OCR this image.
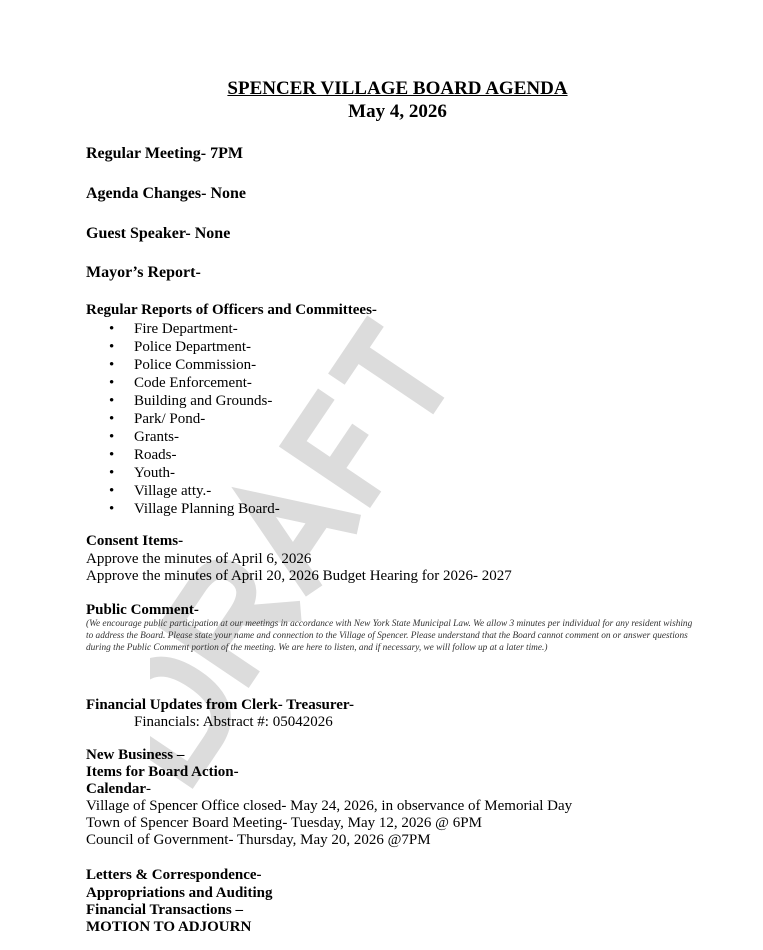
SPENCER VILLAGE BOARD AGENDA

May 4, 2026

Regular Meeting- 7PM

Agenda Changes- None

Guest Speaker- None

Mayor’s Report-

Regular Reports of Officers and Committees-

• Fire Department-
• Police Department-
• Police Commission-
• Code Enforcement-
• Building and Grounds-
• Park/ Pond-
• Grants-
• Roads-
• Youth-
• Village atty.-
• Village Planning Board-

Consent Items-

Approve the minutes of April 6, 2026

Approve the minutes of April 20, 2026 Budget Hearing for 2026- 2027

Public Comment-

(We encourage public participation at our meetings in accordance with New York State Municipal Law. We allow 3 minutes per individual for any resident wishing to address the Board. Please state your name and connection to the Village of Spencer. Please understand that the Board cannot comment on or answer questions during the Public Comment portion of the meeting. We are here to listen, and if necessary, we will follow up at a later time.)

Financial Updates from Clerk- Treasurer-

Financials: Abstract #: 05042026

New Business –

Items for Board Action-

Calendar-

Village of Spencer Office closed- May 24, 2026, in observance of Memorial Day

Town of Spencer Board Meeting- Tuesday, May 12, 2026 @ 6PM

Council of Government- Thursday, May 20, 2026 @7PM

Letters & Correspondence-

Appropriations and Auditing

Financial Transactions –

MOTION TO ADJOURN
